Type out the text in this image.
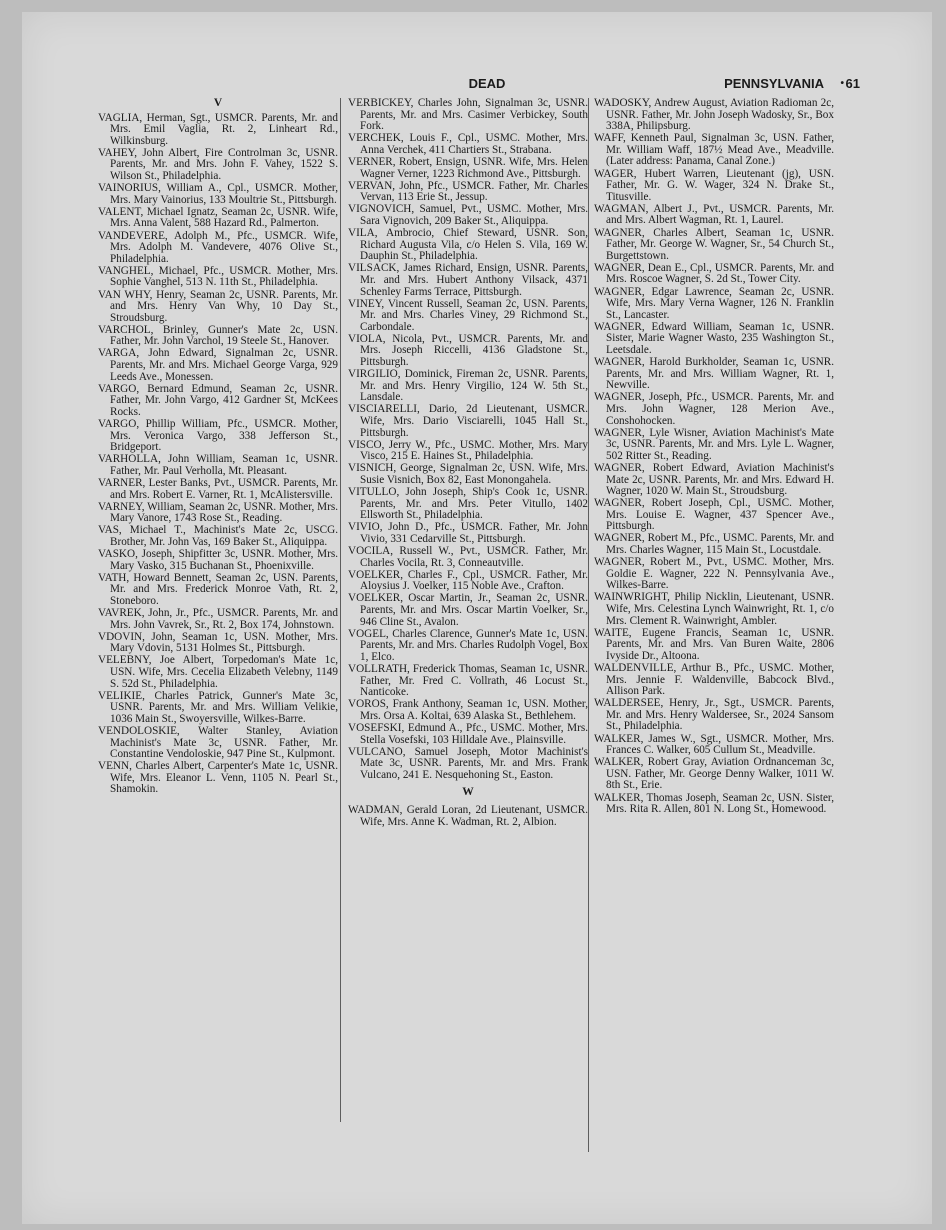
DEAD	PENNSYLVANIA • 61
V

VAGLIA, Herman, Sgt., USMCR. Parents, Mr. and Mrs. Emil Vaglia, Rt. 2, Linheart Rd., Wilkinsburg.

VAHEY, John Albert, Fire Controlman 3c, USNR. Parents, Mr. and Mrs. John F. Vahey, 1522 S. Wilson St., Philadelphia.

VAINORIUS, William A., Cpl., USMCR. Mother, Mrs. Mary Vainorius, 133 Moultrie St., Pittsburgh.

VALENT, Michael Ignatz, Seaman 2c, USNR. Wife, Mrs. Anna Valent, 588 Hazard Rd., Palmerton.

VANDEVERE, Adolph M., Pfc., USMCR. Wife, Mrs. Adolph M. Vandevere, 4076 Olive St., Philadelphia.

VANGHEL, Michael, Pfc., USMCR. Mother, Mrs. Sophie Vanghel, 513 N. 11th St., Philadelphia.

VAN WHY, Henry, Seaman 2c, USNR. Parents, Mr. and Mrs. Henry Van Why, 10 Day St., Stroudsburg.

VARCHOL, Brinley, Gunner's Mate 2c, USN. Father, Mr. John Varchol, 19 Steele St., Hanover.

VARGA, John Edward, Signalman 2c, USNR. Parents, Mr. and Mrs. Michael George Varga, 929 Leeds Ave., Monessen.

VARGO, Bernard Edmund, Seaman 2c, USNR. Father, Mr. John Vargo, 412 Gardner St, McKees Rocks.

VARGO, Phillip William, Pfc., USMCR. Mother, Mrs. Veronica Vargo, 338 Jefferson St., Bridgeport.

VARHOLLA, John William, Seaman 1c, USNR. Father, Mr. Paul Verholla, Mt. Pleasant.

VARNER, Lester Banks, Pvt., USMCR. Parents, Mr. and Mrs. Robert E. Varner, Rt. 1, McAlistersville.

VARNEY, William, Seaman 2c, USNR. Mother, Mrs. Mary Vanore, 1743 Rose St., Reading.

VAS, Michael T., Machinist's Mate 2c, USCG. Brother, Mr. John Vas, 169 Baker St., Aliquippa.

VASKO, Joseph, Shipfitter 3c, USNR. Mother, Mrs. Mary Vasko, 315 Buchanan St., Phoenixville.

VATH, Howard Bennett, Seaman 2c, USN. Parents, Mr. and Mrs. Frederick Monroe Vath, Rt. 2, Stoneboro.

VAVREK, John, Jr., Pfc., USMCR. Parents, Mr. and Mrs. John Vavrek, Sr., Rt. 2, Box 174, Johnstown.

VDOVIN, John, Seaman 1c, USN. Mother, Mrs. Mary Vdovin, 5131 Holmes St., Pittsburgh.

VELEBNY, Joe Albert, Torpedoman's Mate 1c, USN. Wife, Mrs. Cecelia Elizabeth Velebny, 1149 S. 52d St., Philadelphia.

VELIKIE, Charles Patrick, Gunner's Mate 3c, USNR. Parents, Mr. and Mrs. William Velikie, 1036 Main St., Swoyersville, Wilkes-Barre.

VENDOLOSKIE, Walter Stanley, Aviation Machinist's Mate 3c, USNR. Father, Mr. Constantine Vendoloskie, 947 Pine St., Kulpmont.

VENN, Charles Albert, Carpenter's Mate 1c, USNR. Wife, Mrs. Eleanor L. Venn, 1105 N. Pearl St., Shamokin.

VERBICKEY, Charles John, Signalman 3c, USNR. Parents, Mr. and Mrs. Casimer Verbickey, South Fork.

VERCHEK, Louis F., Cpl., USMC. Mother, Mrs. Anna Verchek, 411 Chartiers St., Strabana.

VERNER, Robert, Ensign, USNR. Wife, Mrs. Helen Wagner Verner, 1223 Richmond Ave., Pittsburgh.

VERVAN, John, Pfc., USMCR. Father, Mr. Charles Vervan, 113 Erie St., Jessup.

VIGNOVICH, Samuel, Pvt., USMC. Mother, Mrs. Sara Vignovich, 209 Baker St., Aliquippa.

VILA, Ambrocio, Chief Steward, USNR. Son, Richard Augusta Vila, c/o Helen S. Vila, 169 W. Dauphin St., Philadelphia.

VILSACK, James Richard, Ensign, USNR. Parents, Mr. and Mrs. Hubert Anthony Vilsack, 4371 Schenley Farms Terrace, Pittsburgh.

VINEY, Vincent Russell, Seaman 2c, USN. Parents, Mr. and Mrs. Charles Viney, 29 Richmond St., Carbondale.

VIOLA, Nicola, Pvt., USMCR. Parents, Mr. and Mrs. Joseph Riccelli, 4136 Gladstone St., Pittsburgh.

VIRGILIO, Dominick, Fireman 2c, USNR. Parents, Mr. and Mrs. Henry Virgilio, 124 W. 5th St., Lansdale.

VISCIARELLI, Dario, 2d Lieutenant, USMCR. Wife, Mrs. Dario Visciarelli, 1045 Hall St., Pittsburgh.

VISCO, Jerry W., Pfc., USMC. Mother, Mrs. Mary Visco, 215 E. Haines St., Philadelphia.

VISNICH, George, Signalman 2c, USN. Wife, Mrs. Susie Visnich, Box 82, East Monongahela.

VITULLO, John Joseph, Ship's Cook 1c, USNR. Parents, Mr. and Mrs. Peter Vitullo, 1402 Ellsworth St., Philadelphia.

VIVIO, John D., Pfc., USMCR. Father, Mr. John Vivio, 331 Cedarville St., Pittsburgh.

VOCILA, Russell W., Pvt., USMCR. Father, Mr. Charles Vocila, Rt. 3, Conneautville.

VOELKER, Charles F., Cpl., USMCR. Father, Mr. Aloysius J. Voelker, 115 Noble Ave., Crafton.

VOELKER, Oscar Martin, Jr., Seaman 2c, USNR. Parents, Mr. and Mrs. Oscar Martin Voelker, Sr., 946 Cline St., Avalon.

VOGEL, Charles Clarence, Gunner's Mate 1c, USN. Parents, Mr. and Mrs. Charles Rudolph Vogel, Box 1, Elco.

VOLLRATH, Frederick Thomas, Seaman 1c, USNR. Father, Mr. Fred C. Vollrath, 46 Locust St., Nanticoke.

VOROS, Frank Anthony, Seaman 1c, USN. Mother, Mrs. Orsa A. Koltai, 639 Alaska St., Bethlehem.

VOSEFSKI, Edmund A., Pfc., USMC. Mother, Mrs. Stella Vosefski, 103 Hilldale Ave., Plainsville.

VULCANO, Samuel Joseph, Motor Machinist's Mate 3c, USNR. Parents, Mr. and Mrs. Frank Vulcano, 241 E. Nesquehoning St., Easton.

W

WADMAN, Gerald Loran, 2d Lieutenant, USMCR. Wife, Mrs. Anne K. Wadman, Rt. 2, Albion.

WADOSKY, Andrew August, Aviation Radioman 2c, USNR. Father, Mr. John Joseph Wadosky, Sr., Box 338A, Philipsburg.

WAFF, Kenneth Paul, Signalman 3c, USN. Father, Mr. William Waff, 187½ Mead Ave., Meadville. (Later address: Panama, Canal Zone.)

WAGER, Hubert Warren, Lieutenant (jg), USN. Father, Mr. G. W. Wager, 324 N. Drake St., Titusville.

WAGMAN, Albert J., Pvt., USMCR. Parents, Mr. and Mrs. Albert Wagman, Rt. 1, Laurel.

WAGNER, Charles Albert, Seaman 1c, USNR. Father, Mr. George W. Wagner, Sr., 54 Church St., Burgettstown.

WAGNER, Dean E., Cpl., USMCR. Parents, Mr. and Mrs. Roscoe Wagner, S. 2d St., Tower City.

WAGNER, Edgar Lawrence, Seaman 2c, USNR. Wife, Mrs. Mary Verna Wagner, 126 N. Franklin St., Lancaster.

WAGNER, Edward William, Seaman 1c, USNR. Sister, Marie Wagner Wasto, 235 Washington St., Leetsdale.

WAGNER, Harold Burkholder, Seaman 1c, USNR. Parents, Mr. and Mrs. William Wagner, Rt. 1, Newville.

WAGNER, Joseph, Pfc., USMCR. Parents, Mr. and Mrs. John Wagner, 128 Merion Ave., Conshohocken.

WAGNER, Lyle Wisner, Aviation Machinist's Mate 3c, USNR. Parents, Mr. and Mrs. Lyle L. Wagner, 502 Ritter St., Reading.

WAGNER, Robert Edward, Aviation Machinist's Mate 2c, USNR. Parents, Mr. and Mrs. Edward H. Wagner, 1020 W. Main St., Stroudsburg.

WAGNER, Robert Joseph, Cpl., USMC. Mother, Mrs. Louise E. Wagner, 437 Spencer Ave., Pittsburgh.

WAGNER, Robert M., Pfc., USMC. Parents, Mr. and Mrs. Charles Wagner, 115 Main St., Locustdale.

WAGNER, Robert M., Pvt., USMC. Mother, Mrs. Goldie E. Wagner, 222 N. Pennsylvania Ave., Wilkes-Barre.

WAINWRIGHT, Philip Nicklin, Lieutenant, USNR. Wife, Mrs. Celestina Lynch Wainwright, Rt. 1, c/o Mrs. Clement R. Wainwright, Ambler.

WAITE, Eugene Francis, Seaman 1c, USNR. Parents, Mr. and Mrs. Van Buren Waite, 2806 Ivyside Dr., Altoona.

WALDENVILLE, Arthur B., Pfc., USMC. Mother, Mrs. Jennie F. Waldenville, Babcock Blvd., Allison Park.

WALDERSEE, Henry, Jr., Sgt., USMCR. Parents, Mr. and Mrs. Henry Waldersee, Sr., 2024 Sansom St., Philadelphia.

WALKER, James W., Sgt., USMCR. Mother, Mrs. Frances C. Walker, 605 Cullum St., Meadville.

WALKER, Robert Gray, Aviation Ordnanceman 3c, USN. Father, Mr. George Denny Walker, 1011 W. 8th St., Erie.

WALKER, Thomas Joseph, Seaman 2c, USN. Sister, Mrs. Rita R. Allen, 801 N. Long St., Homewood.
